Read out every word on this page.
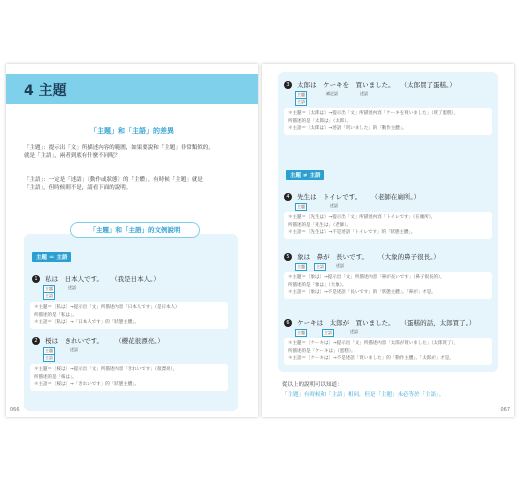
4 主題
「主題」和「主語」的差異
「主題」：提示出「文」所描述內容的範圍，如果要說和「主題」非常類似的，
就是「主語」，兩者到底有什麼不同呢？
「主語」：一定是「述語」〔動作或狀態〕的「主體」。有時候「主題」就是
「主語」，但時候則不是，請看下面的說明。
「主題」和「主語」的文例說明
主題 ＝ 主語
1 私は　日本人です。 （我是日本人。）
主題
主語
述語
＊主題＝〔私は〕→提示出「文」所描述內容「日本人です」（是日本人）
所描述的是「私は」。
＊主語＝〔私は〕→「日本人です」的「狀態主體」。
2 桜は　きれいです。 （櫻花很漂亮。）
主題
主語
述語
＊主題＝〔桜は〕→提示出「文」所描述內容「きれいです」（很漂亮），
所描述的是「桜は」。
＊主語＝〔桜は〕→「きれいです」的「狀態主體」。
066
3 太郎は　ケーキを　買いました。 （太郎買了蛋糕。）
主題
主語
補足語	述語
＊主題＝〔太郎は〕→提示出「文」所描述內容「ケーキを買いました」（買了蛋糕），
所描述的是「太郎は」（太郎）。
＊主語＝〔太郎は〕→述語「買いました」的「動作主體」。
主題 ≠ 主語
4 先生は　トイレです。 （老師在廁所。）
主題	述語
＊主題＝〔先生は〕→提示出「文」所描述內容「トイレです」（在廁所），
所描述的是「先生は」（老師）。
＊主語＝〔先生は〕→不是述語「トイレです」的「狀態主體」。
5 象は　鼻が　長いです。 （大象的鼻子很長。）
主題	主語	述語
＊主題＝〔象は〕→提示出「文」所描述內容「鼻が長いです」（鼻子很長的），
所描述的是「象は」（大象）。
＊主語＝〔象は〕→不是述語「長いです」的「狀態主體」。「鼻が」才是。
6 ケーキは　太郎が　買いました。 （蛋糕的話，太郎買了。）
主題	主語	述語
＊主題＝〔ケーキは〕→提示出「文」所描述內容「太郎が買いました」（太郎買了），
所描述的是「ケーキは」（蛋糕）。
＊主語＝〔ケーキは〕→不是述語「買いました」的「動作主體」。「太郎が」才是。
從以上的說明可以知道：
「主題」有時候和「主語」相同，但是「主題」未必等於「主語」。
067
